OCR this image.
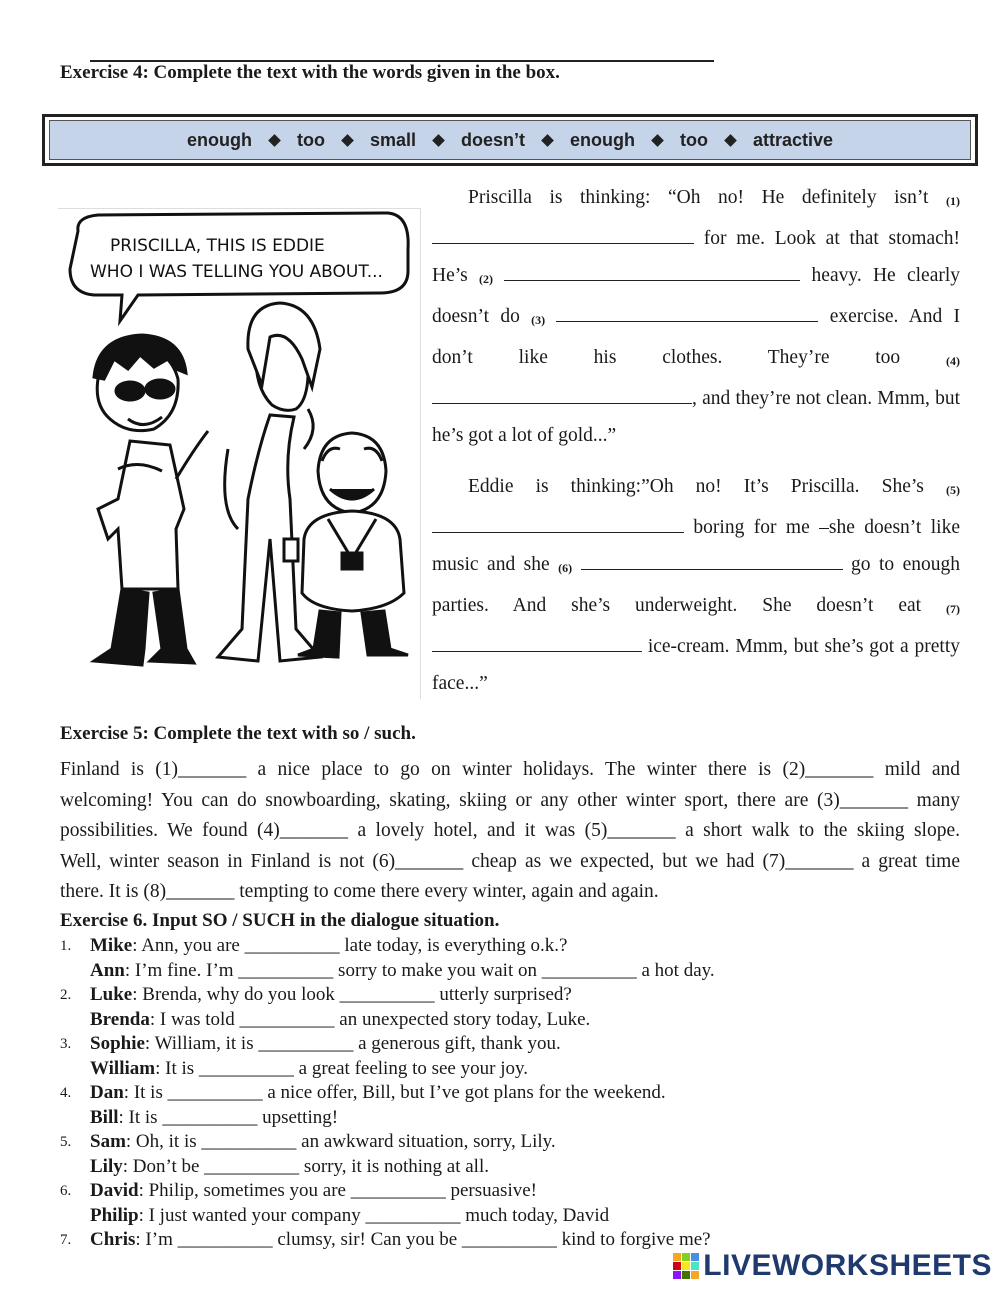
Exercise 4: Complete the text with the words given in the box.
enough	too	small	doesn’t	enough	too	attractive
PRISCILLA, THIS IS EDDIE
WHO I WAS TELLING YOU ABOUT...

Priscilla is thinking: “Oh no! He definitely isn’t (1)  for me. Look at that stomach! He’s (2)	heavy. He clearly doesn’t do (3)	exercise. And I don’t like his clothes. They’re too	(4) , and they’re not clean. Mmm, but he’s got a lot of gold...”

Eddie is thinking:”Oh no! It’s Priscilla. She’s (5)  boring for me –she doesn’t like music and she (6)	go to enough parties. And she’s underweight. She doesn’t eat (7)  ice-cream. Mmm, but she’s got a pretty face...”

Exercise 5: Complete the text with so / such.
Finland is (1)_______ a nice place to go on winter holidays. The winter there is (2)_______ mild and
welcoming! You can do snowboarding, skating, skiing or any other winter sport, there are (3)_______ many
possibilities. We found (4)_______ a lovely hotel, and it was (5)_______ a short walk to the skiing slope.
Well, winter season in Finland is not (6)_______ cheap as we expected, but we had (7)_______ a great time
there. It is (8)_______ tempting to come there every winter, again and again.
Exercise 6. Input SO / SUCH in the dialogue situation.
1. Mike: Ann, you are __________ late today, is everything o.k.?
Ann: I’m fine. I’m __________ sorry to make you wait on __________ a hot day.
2. Luke: Brenda, why do you look __________ utterly surprised?
Brenda: I was told __________ an unexpected story today, Luke.
3. Sophie: William, it is __________ a generous gift, thank you.
William: It is __________ a great feeling to see your joy.
4. Dan: It is __________ a nice offer, Bill, but I’ve got plans for the weekend.
Bill: It is __________ upsetting!
5. Sam: Oh, it is __________ an awkward situation, sorry, Lily.
Lily: Don’t be __________ sorry, it is nothing at all.
6. David: Philip, sometimes you are __________ persuasive!
Philip: I just wanted your company __________ much today, David
7. Chris: I’m __________ clumsy, sir! Can you be __________ kind to forgive me?
LIVEWORKSHEETS
